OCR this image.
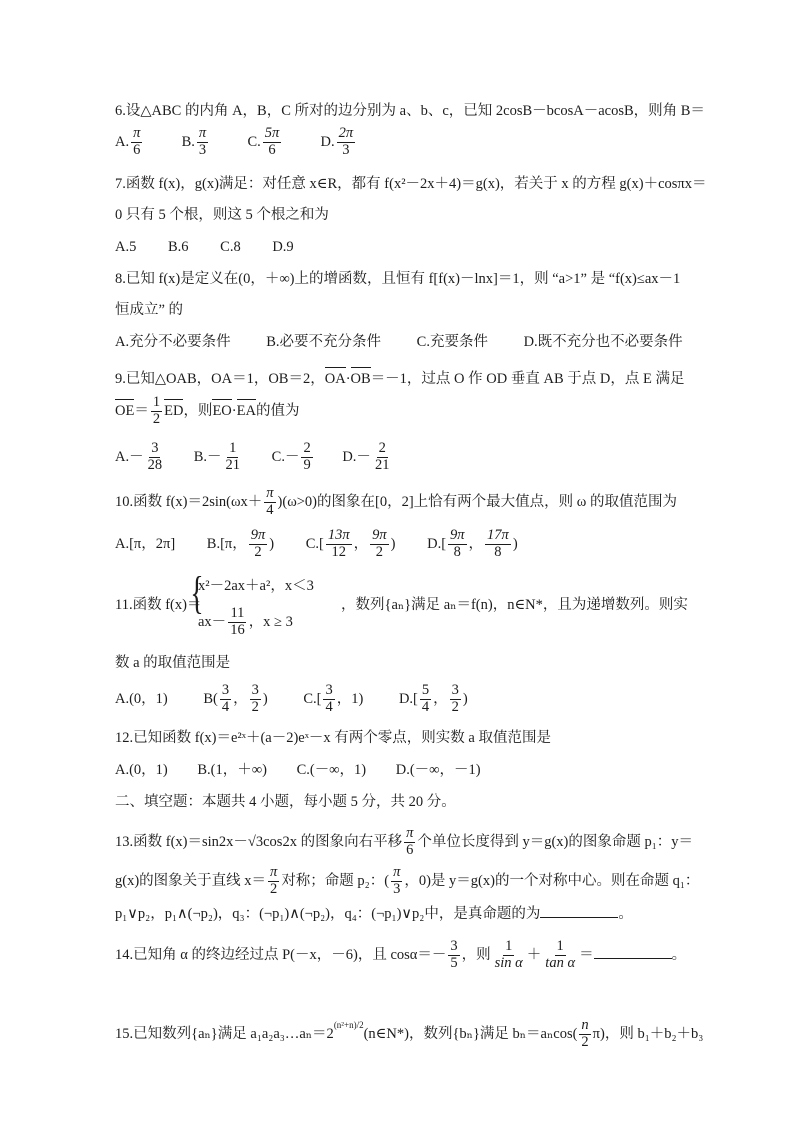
6.设△ABC 的内角 A，B，C 所对的边分别为 a、b、c，已知 2cosB－bcosA－acosB，则角 B＝
A. $\frac{\pi}{6}$	B. $\frac{\pi}{3}$	C. $\frac{5\pi}{6}$	D. $\frac{2\pi}{3}$
7.函数 f(x)，g(x)满足：对任意 x∈R，都有 f(x²－2x＋4)＝g(x)，若关于 x 的方程 g(x)＋cosπx＝
0 只有 5 个根，则这 5 个根之和为
A.5 B.6 C.8 D.9
8.已知 f(x)是定义在(0，＋∞)上的增函数，且恒有 f[f(x)－lnx]＝1，则 “a>1” 是 “f(x)≤ax－1
恒成立” 的
A.充分不必要条件 B.必要不充分条件 C.充要条件 D.既不充分也不必要条件
9.已知△OAB，OA＝1，OB＝2，OA·OB＝－1，过点 O 作 OD 垂直 AB 于点 D，点 E 满足
$OE= \frac{1}{2}$ ED，则EO·EA的值为
$A.- \frac{3}{28} B.- \frac{1}{21} C.- \frac{2}{9} D.- \frac{2}{21}$
10.函数 $f(x)=2\sin(\omega x+ \frac{\pi}{4} )(\omega>0)$的图象在[0，2]上恰有两个最大值点，则 ω 的取值范围为
A.[π，2π] B.[π， $\frac{9\pi}{2}$ ) $C.[ \frac{13\pi}{12}$ ， $\frac{9\pi}{2}$ ) $D.[ \frac{9\pi}{8}$ ， $\frac{17\pi}{8}$ )
11.函数 f(x)＝
{
x²－2ax＋a²，x＜3
$ax- \frac{11}{16}$ ，x ≥ 3
，数列{aₙ}满足 aₙ＝f(n)，n∈N*，且为递增数列。则实
数 a 的取值范围是
A.(0，1) $B( \frac{3}{4}$ ， $\frac{3}{2}$ ) $C.[ \frac{3}{4}$ ，1) $D.[ \frac{5}{4}$ ， $\frac{3}{2}$ )
12.已知函数 f(x)＝e²ˣ＋(a－2)eˣ－x 有两个零点，则实数 a 取值范围是
A.(0，1) B.(1，＋∞) C.(－∞，1) D.(－∞，－1)
二、填空题：本题共 4 小题，每小题 5 分，共 20 分。
13.函数 f(x)＝sin2x－√3cos2x 的图象向右平移 $\frac{\pi}{6}$ 个单位长度得到 y＝g(x)的图象命题 p₁：y＝
g(x)的图象关于直线 $x= \frac{\pi}{2}$ 对称；命题 p₂：( $\frac{\pi}{3}$ ，0)是 y＝g(x)的一个对称中心。则在命题 q₁：
p₁∨p₂，p₁∧(¬p₂)，q₃：(¬p₁)∧(¬p₂)，q₄：(¬p₁)∨p₂中，是真命题的为	。
14.已知角 α 的终边经过点 P(－x，－6)，且 $\cos\alpha=- \frac{3}{5}$ ，则 $\frac{1}{\text{sin α}} + \frac{1}{\text{tan α}}$ ＝	。
15.已知数列{aₙ}满足 $a_1a_2a_3\dots a_n=2^{(n^2+n)/2}(n\in N*)$，数列{bₙ}满足 $b_n=a_n\cos( \frac{n}{2} \pi)$，则 b₁＋b₂＋b₃
